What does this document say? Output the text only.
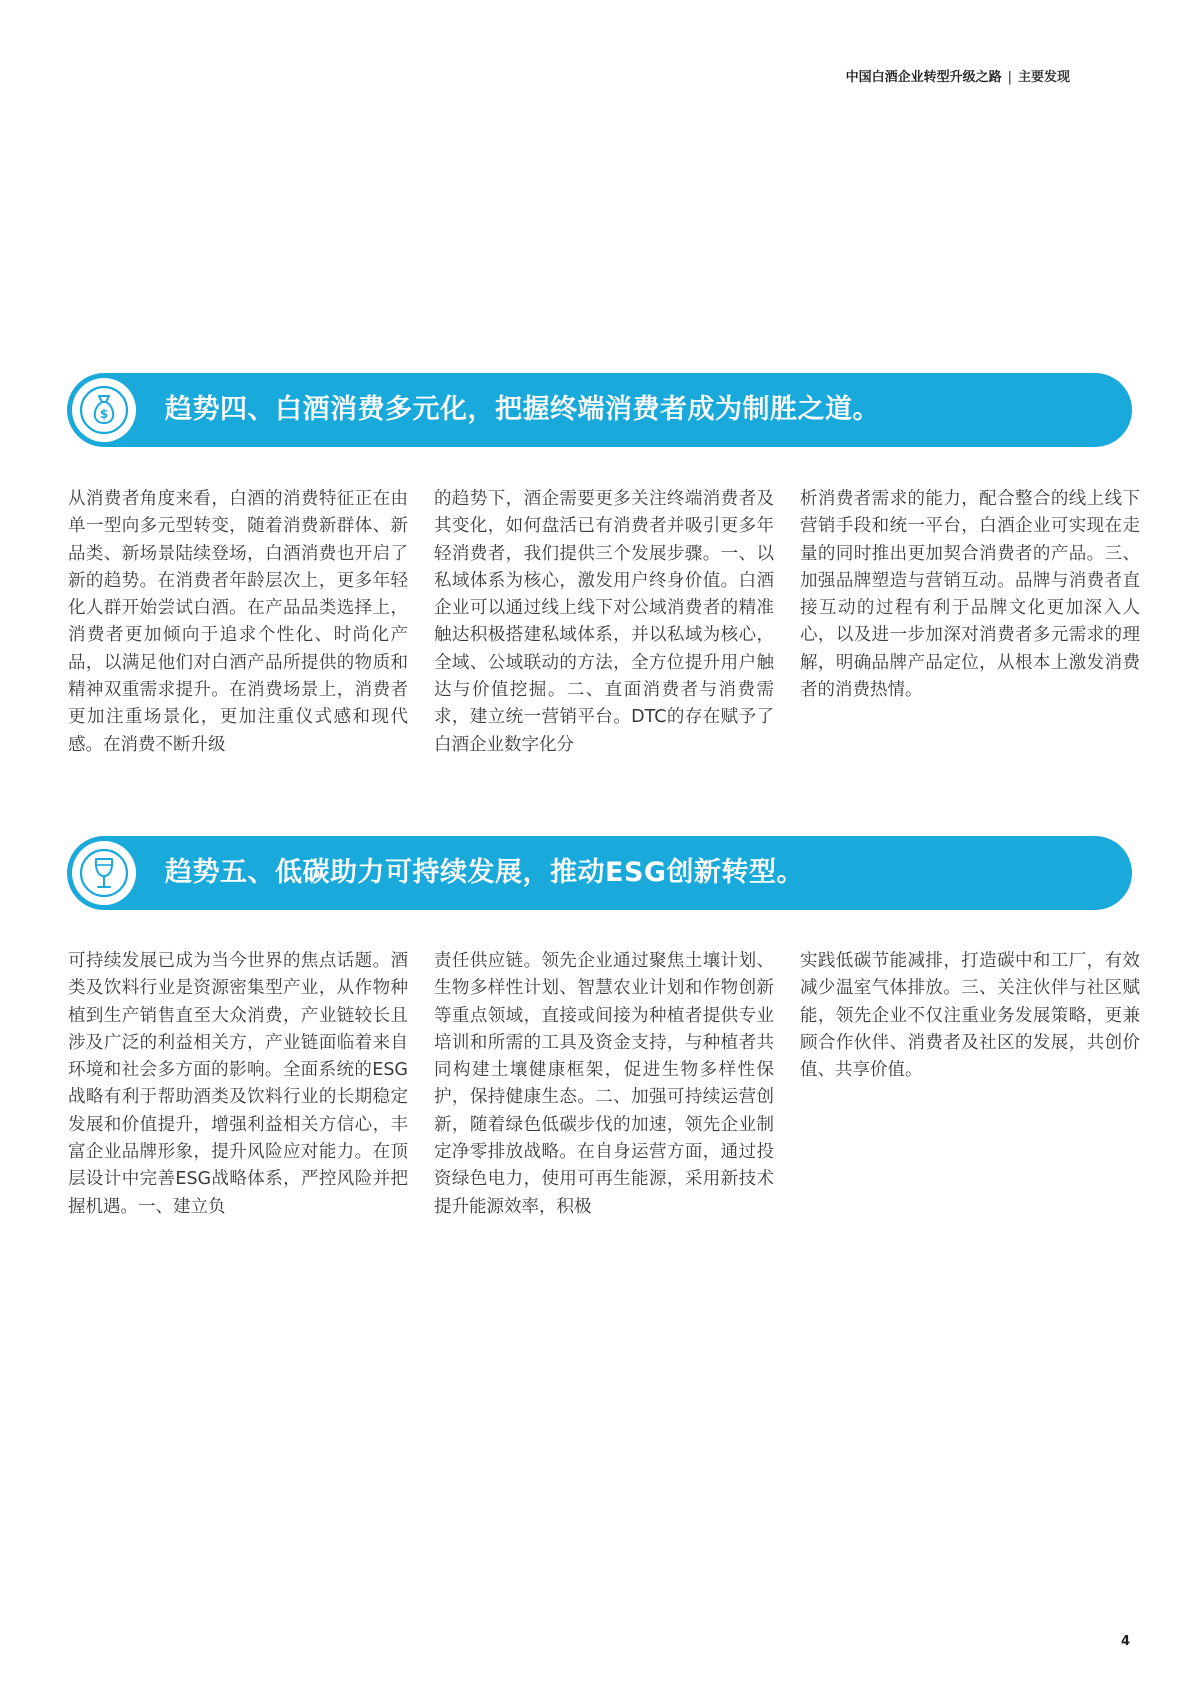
中国白酒企业转型升级之路 | 主要发现
$ 趋势四、白酒消费多元化，把握终端消费者成为制胜之道。
从消费者角度来看，白酒的消费特征正在由单一型向多元型转变，随着消费新群体、新品类、新场景陆续登场，白酒消费也开启了新的趋势。在消费者年龄层次上，更多年轻化人群开始尝试白酒。在产品品类选择上，消费者更加倾向于追求个性化、时尚化产品，以满足他们对白酒产品所提供的物质和精神双重需求提升。在消费场景上，消费者更加注重场景化，更加注重仪式感和现代感。在消费不断升级
的趋势下，酒企需要更多关注终端消费者及其变化，如何盘活已有消费者并吸引更多年轻消费者，我们提供三个发展步骤。一、以私域体系为核心，激发用户终身价值。白酒企业可以通过线上线下对公域消费者的精准触达积极搭建私域体系，并以私域为核心，全域、公域联动的方法，全方位提升用户触达与价值挖掘。二、直面消费者与消费需求，建立统一营销平台。DTC的存在赋予了白酒企业数字化分
析消费者需求的能力，配合整合的线上线下营销手段和统一平台，白酒企业可实现在走量的同时推出更加契合消费者的产品。三、加强品牌塑造与营销互动。品牌与消费者直接互动的过程有利于品牌文化更加深入人心，以及进一步加深对消费者多元需求的理解，明确品牌产品定位，从根本上激发消费者的消费热情。
趋势五、低碳助力可持续发展，推动ESG创新转型。
可持续发展已成为当今世界的焦点话题。酒类及饮料行业是资源密集型产业，从作物种植到生产销售直至大众消费，产业链较长且涉及广泛的利益相关方，产业链面临着来自环境和社会多方面的影响。全面系统的ESG战略有利于帮助酒类及饮料行业的长期稳定发展和价值提升，增强利益相关方信心，丰富企业品牌形象，提升风险应对能力。在顶层设计中完善ESG战略体系，严控风险并把握机遇。一、建立负
责任供应链。领先企业通过聚焦土壤计划、生物多样性计划、智慧农业计划和作物创新等重点领域，直接或间接为种植者提供专业培训和所需的工具及资金支持，与种植者共同构建土壤健康框架，促进生物多样性保护，保持健康生态。二、加强可持续运营创新，随着绿色低碳步伐的加速，领先企业制定净零排放战略。在自身运营方面，通过投资绿色电力，使用可再生能源，采用新技术提升能源效率，积极
实践低碳节能减排，打造碳中和工厂，有效减少温室气体排放。三、关注伙伴与社区赋能，领先企业不仅注重业务发展策略，更兼顾合作伙伴、消费者及社区的发展，共创价值、共享价值。
4
